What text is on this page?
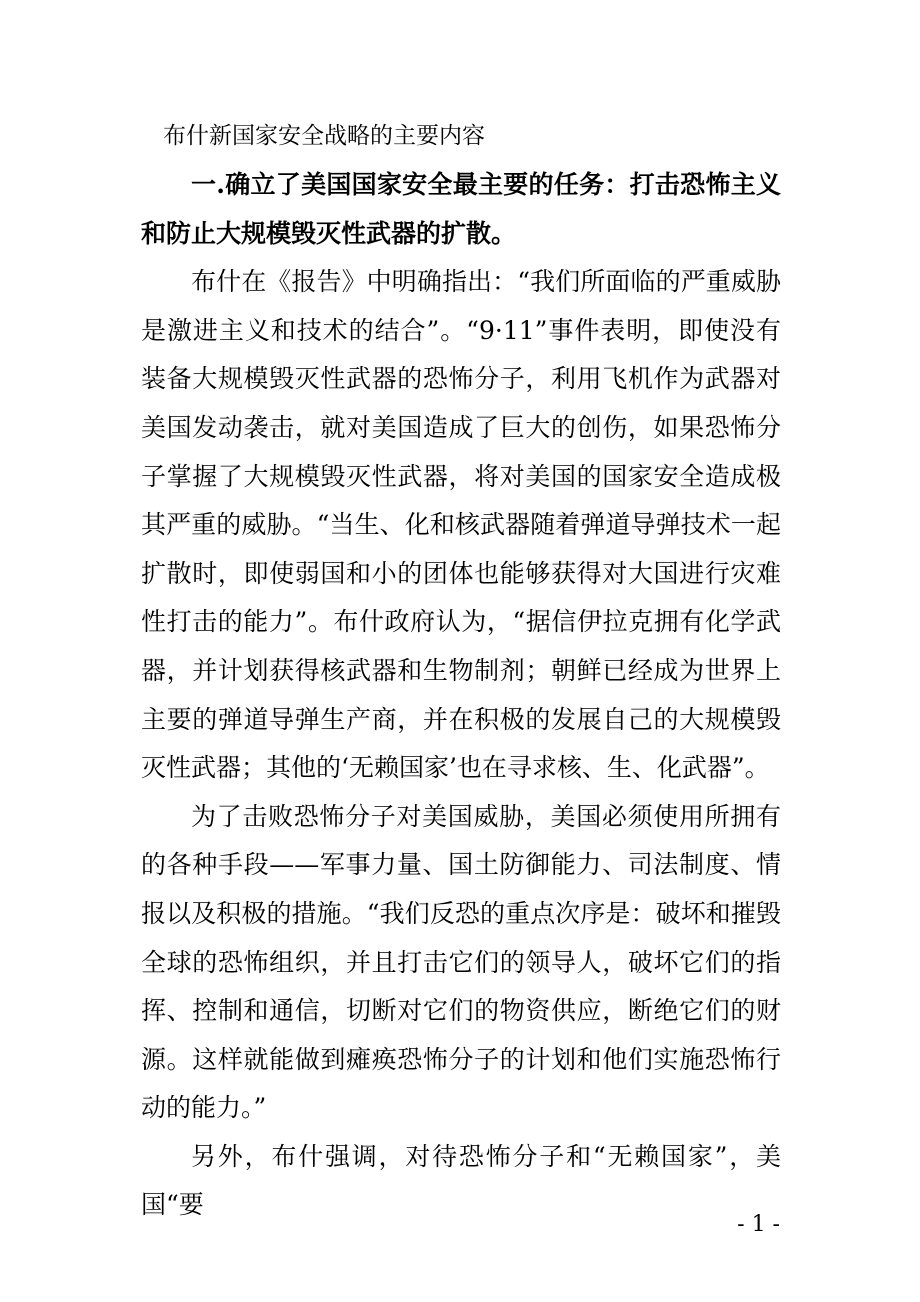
布什新国家安全战略的主要内容

一.确立了美国国家安全最主要的任务：打击恐怖主义和防止大规模毁灭性武器的扩散。

布什在《报告》中明确指出：“我们所面临的严重威胁是激进主义和技术的结合”。“9·11”事件表明，即使没有装备大规模毁灭性武器的恐怖分子，利用飞机作为武器对美国发动袭击，就对美国造成了巨大的创伤，如果恐怖分子掌握了大规模毁灭性武器，将对美国的国家安全造成极其严重的威胁。“当生、化和核武器随着弹道导弹技术一起扩散时，即使弱国和小的团体也能够获得对大国进行灾难性打击的能力”。布什政府认为，“据信伊拉克拥有化学武器，并计划获得核武器和生物制剂；朝鲜已经成为世界上主要的弹道导弹生产商，并在积极的发展自己的大规模毁灭性武器；其他的‘无赖国家’也在寻求核、生、化武器”。

为了击败恐怖分子对美国威胁，美国必须使用所拥有的各种手段——军事力量、国土防御能力、司法制度、情报以及积极的措施。“我们反恐的重点次序是：破坏和摧毁全球的恐怖组织，并且打击它们的领导人，破坏它们的指挥、控制和通信，切断对它们的物资供应，断绝它们的财源。这样就能做到瘫痪恐怖分子的计划和他们实施恐怖行动的能力。”

另外，布什强调，对待恐怖分子和“无赖国家”，美国“要

- 1 -
